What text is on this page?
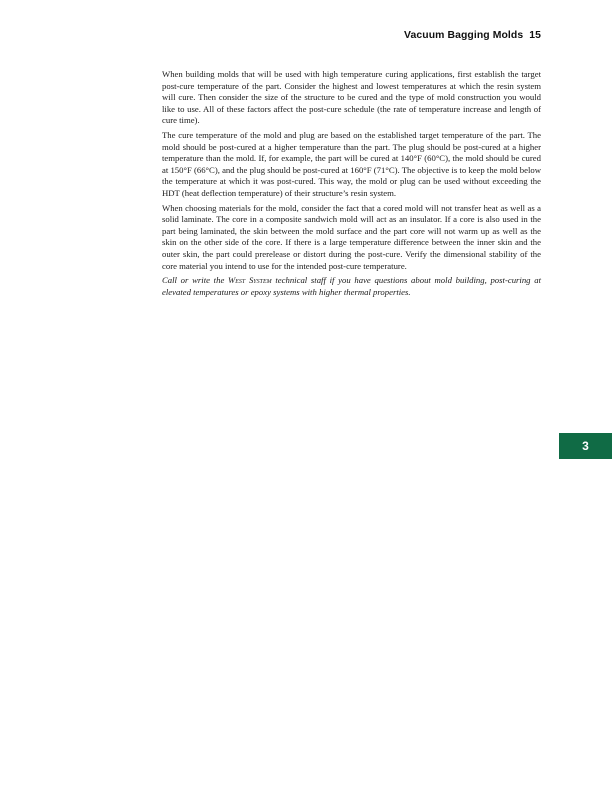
Vacuum Bagging Molds 15

When building molds that will be used with high temperature curing applications, first establish the target post-cure temperature of the part. Consider the highest and lowest temperatures at which the resin system will cure. Then consider the size of the structure to be cured and the type of mold construction you would like to use. All of these factors affect the post-cure schedule (the rate of temperature increase and length of cure time).

The cure temperature of the mold and plug are based on the established target temperature of the part. The mold should be post-cured at a higher temperature than the part. The plug should be post-cured at a higher temperature than the mold. If, for example, the part will be cured at 140°F (60°C), the mold should be cured at 150°F (66°C), and the plug should be post-cured at 160°F (71°C). The objective is to keep the mold below the temperature at which it was post-cured. This way, the mold or plug can be used without exceeding the HDT (heat deflection temperature) of their structure’s resin system.

When choosing materials for the mold, consider the fact that a cored mold will not transfer heat as well as a solid laminate. The core in a composite sandwich mold will act as an insulator. If a core is also used in the part being laminated, the skin between the mold surface and the part core will not warm up as well as the skin on the other side of the core. If there is a large temperature difference between the inner skin and the outer skin, the part could prerelease or distort during the post-cure. Verify the dimensional stability of the core material you intend to use for the intended post-cure temperature.

Call or write the West System technical staff if you have questions about mold building, post-curing at elevated temperatures or epoxy systems with higher thermal properties.

3
